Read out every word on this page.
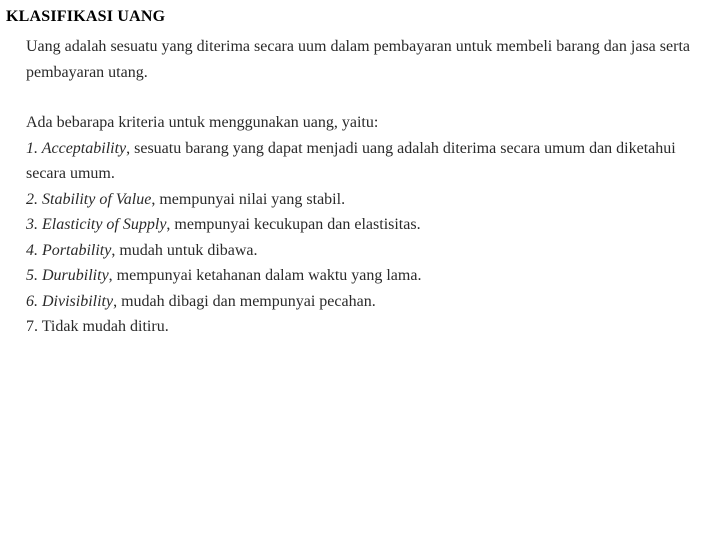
KLASIFIKASI UANG

Uang adalah sesuatu yang diterima secara uum dalam pembayaran untuk membeli barang dan jasa serta pembayaran utang.

Ada bebarapa kriteria untuk menggunakan uang, yaitu:

1. Acceptability, sesuatu barang yang dapat menjadi uang adalah diterima secara umum dan diketahui secara umum.

2. Stability of Value, mempunyai nilai yang stabil.

3. Elasticity of Supply, mempunyai kecukupan dan elastisitas.

4. Portability, mudah untuk dibawa.

5. Durubility, mempunyai ketahanan dalam waktu yang lama.

6. Divisibility, mudah dibagi dan mempunyai pecahan.

7. Tidak mudah ditiru.
